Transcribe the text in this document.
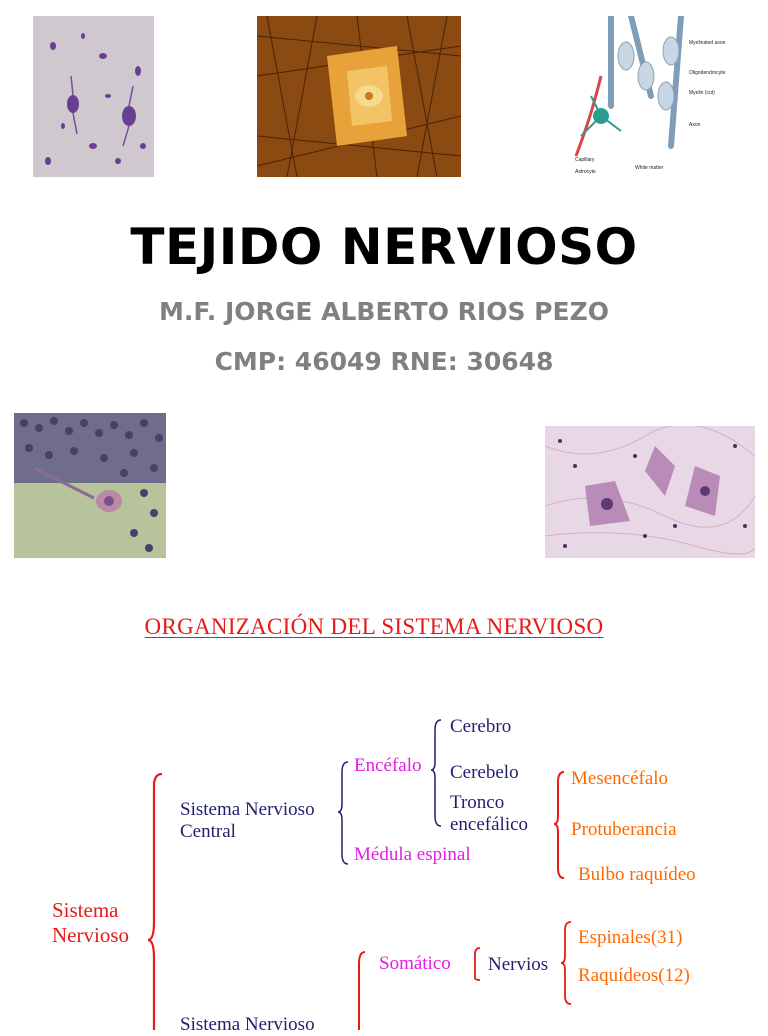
Myelinated axon
Oligodendrocyte
Myelin (cut)
Axon
Capillary
Astrocyte
White matter
TEJIDO NERVIOSO
M.F. JORGE ALBERTO RIOS PEZO
CMP: 46049 RNE: 30648
ORGANIZACIÓN DEL SISTEMA NERVIOSO
Sistema
Nervioso
Sistema Nervioso
Central
Encéfalo
Médula espinal
Cerebro
Cerebelo
Tronco
encefálico
Mesencéfalo
Protuberancia
Bulbo raquídeo
Sistema Nervioso
Somático Nervios
Espinales(31)
Raquídeos(12)
